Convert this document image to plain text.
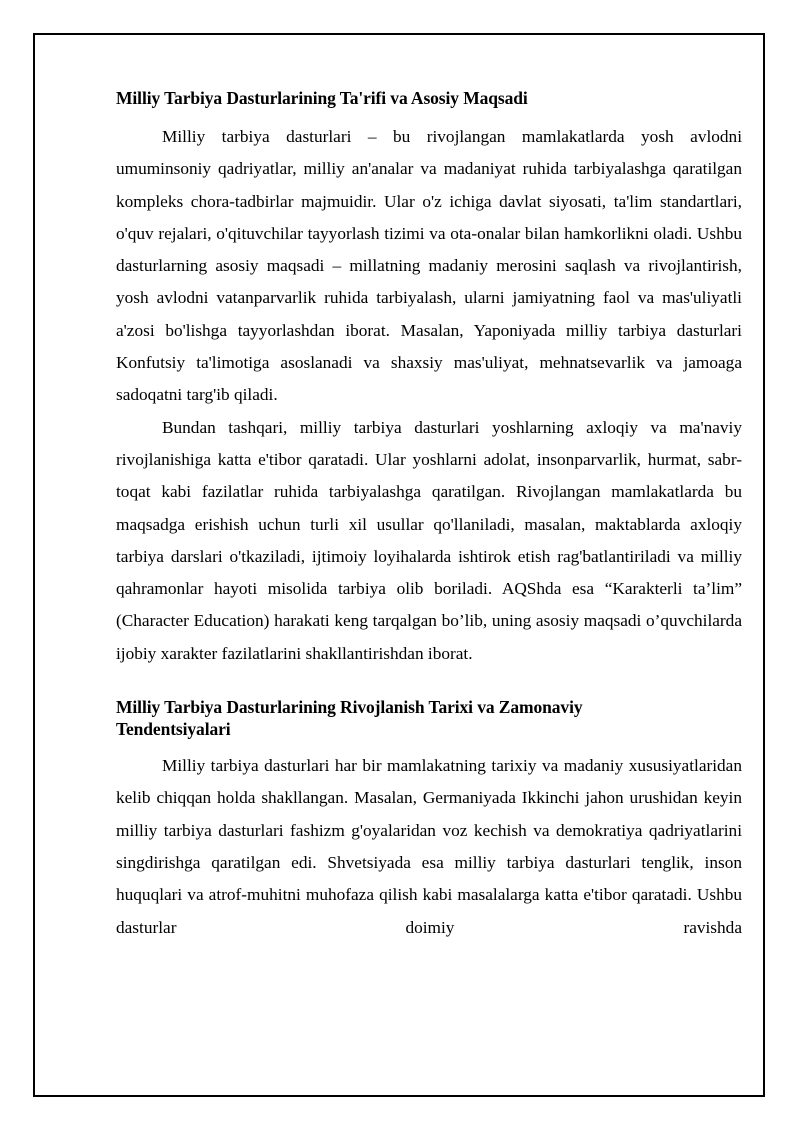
Milliy Tarbiya Dasturlarining Ta'rifi va Asosiy Maqsadi

Milliy tarbiya dasturlari – bu rivojlangan mamlakatlarda yosh avlodni umuminsoniy qadriyatlar, milliy an'analar va madaniyat ruhida tarbiyalashga qaratilgan kompleks chora-tadbirlar majmuidir. Ular o'z ichiga davlat siyosati, ta'lim standartlari, o'quv rejalari, o'qituvchilar tayyorlash tizimi va ota-onalar bilan hamkorlikni oladi. Ushbu dasturlarning asosiy maqsadi – millatning madaniy merosini saqlash va rivojlantirish, yosh avlodni vatanparvarlik ruhida tarbiyalash, ularni jamiyatning faol va mas'uliyatli a'zosi bo'lishga tayyorlashdan iborat. Masalan, Yaponiyada milliy tarbiya dasturlari Konfutsiy ta'limotiga asoslanadi va shaxsiy mas'uliyat, mehnatsevarlik va jamoaga sadoqatni targ'ib qiladi.

Bundan tashqari, milliy tarbiya dasturlari yoshlarning axloqiy va ma'naviy rivojlanishiga katta e'tibor qaratadi. Ular yoshlarni adolat, insonparvarlik, hurmat, sabr-toqat kabi fazilatlar ruhida tarbiyalashga qaratilgan. Rivojlangan mamlakatlarda bu maqsadga erishish uchun turli xil usullar qo'llaniladi, masalan, maktablarda axloqiy tarbiya darslari o'tkaziladi, ijtimoiy loyihalarda ishtirok etish rag'batlantiriladi va milliy qahramonlar hayoti misolida tarbiya olib boriladi. AQShda esa “Karakterli ta’lim” (Character Education) harakati keng tarqalgan bo’lib, uning asosiy maqsadi o’quvchilarda ijobiy xarakter fazilatlarini shakllantirishdan iborat.

Milliy Tarbiya Dasturlarining Rivojlanish Tarixi va Zamonaviy Tendentsiyalari

Milliy tarbiya dasturlari har bir mamlakatning tarixiy va madaniy xususiyatlaridan kelib chiqqan holda shakllangan. Masalan, Germaniyada Ikkinchi jahon urushidan keyin milliy tarbiya dasturlari fashizm g'oyalaridan voz kechish va demokratiya qadriyatlarini singdirishga qaratilgan edi. Shvetsiyada esa milliy tarbiya dasturlari tenglik, inson huquqlari va atrof-muhitni muhofaza qilish kabi masalalarga katta e'tibor qaratadi. Ushbu dasturlar doimiy ravishda
